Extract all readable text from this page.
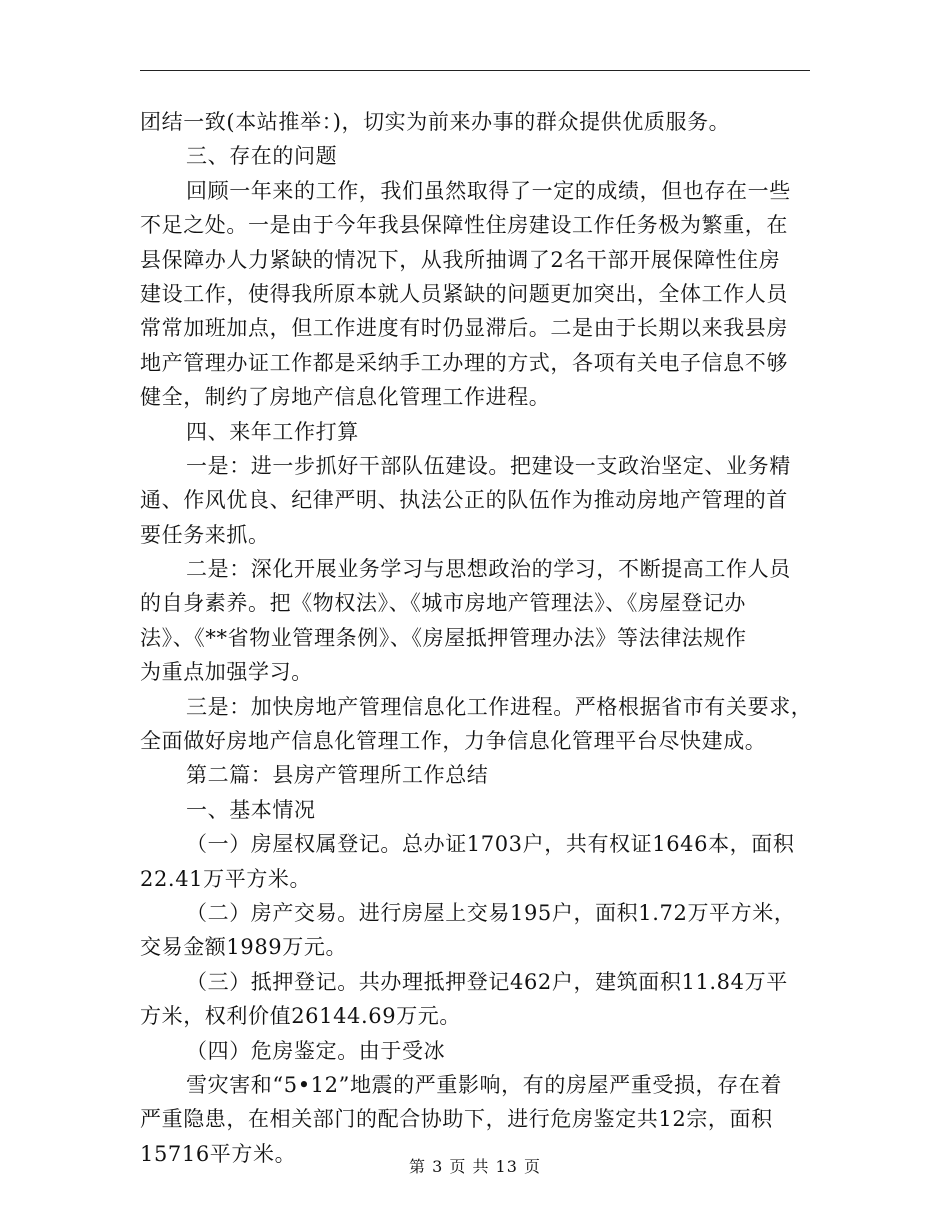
团结一致(本站推举：)，切实为前来办事的群众提供优质服务。
三、存在的问题
回顾一年来的工作，我们虽然取得了一定的成绩，但也存在一些
不足之处。一是由于今年我县保障性住房建设工作任务极为繁重，在
县保障办人力紧缺的情况下，从我所抽调了2名干部开展保障性住房
建设工作，使得我所原本就人员紧缺的问题更加突出，全体工作人员
常常加班加点，但工作进度有时仍显滞后。二是由于长期以来我县房
地产管理办证工作都是采纳手工办理的方式，各项有关电子信息不够
健全，制约了房地产信息化管理工作进程。
四、来年工作打算
一是：进一步抓好干部队伍建设。把建设一支政治坚定、业务精
通、作风优良、纪律严明、执法公正的队伍作为推动房地产管理的首
要任务来抓。
二是：深化开展业务学习与思想政治的学习，不断提高工作人员
的自身素养。把《物权法》、《城市房地产管理法》、《房屋登记办
法》、《**省物业管理条例》、《房屋抵押管理办法》等法律法规作
为重点加强学习。
三是：加快房地产管理信息化工作进程。严格根据省市有关要求，
全面做好房地产信息化管理工作，力争信息化管理平台尽快建成。
第二篇：县房产管理所工作总结
一、基本情况
（一）房屋权属登记。总办证1703户，共有权证1646本，面积
22.41万平方米。
（二）房产交易。进行房屋上交易195户，面积1.72万平方米，
交易金额1989万元。
（三）抵押登记。共办理抵押登记462户，建筑面积11.84万平
方米，权利价值26144.69万元。
（四）危房鉴定。由于受冰
雪灾害和“5•12”地震的严重影响，有的房屋严重受损，存在着
严重隐患，在相关部门的配合协助下，进行危房鉴定共12宗，面积
15716平方米。
第 3 页 共 13 页
